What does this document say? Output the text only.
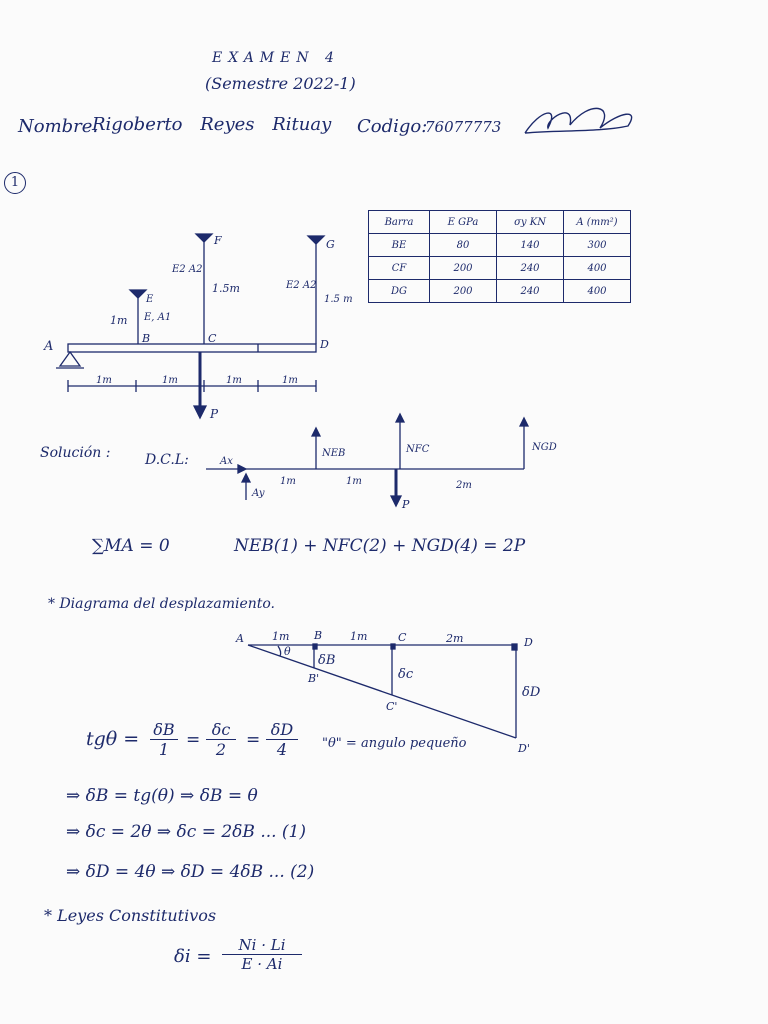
EXAMEN 4
(Semestre 2022-1)
Nombre.
Rigoberto Reyes Rituay Codigo:
76077773
1
A
B	C	D
E
F	G
E, A1
1m
E2 A2
1.5m	E2 A2
1.5 m
1m	1m	1m	1m
P
Barra	E GPa	σy KN	A (mm²)
BE	80	140	300
CF	200	240	400
DG	200	240	400
Solución : D.C.L:	Ax
Ay
NEB	NFC	NGD
P
1m	1m	2m
∑MA = 0	NEB(1) + NFC(2) + NGD(4) = 2P
* Diagrama del desplazamiento.
A	B	C	D
B'
C'
D'
θ
δB
δc
δD
1m	1m	2m
$tg\theta = \frac{\delta B}{1} = \frac{\delta c}{2} = \frac{\delta D}{4}$ "θ" = angulo pequeño
⇒ δB = tg(θ) ⇒ δB = θ
⇒ δc = 2θ ⇒ δc = 2δB ... (1)
⇒ δD = 4θ ⇒ δD = 4δB ... (2)
* Leyes Constitutivos
$\delta i = \frac{Ni \cdot Li}{E \cdot Ai}$
